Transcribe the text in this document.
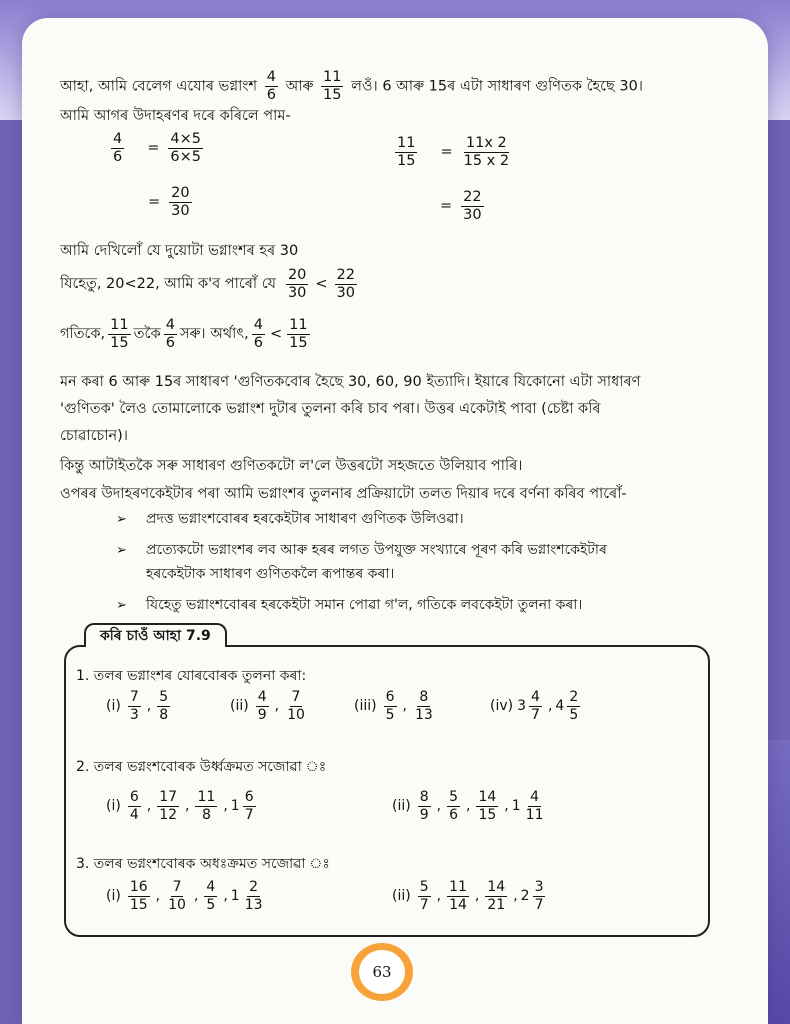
আহা, আমি বেলেগ এযোৰ ভগ্নাংশ $\frac{4}{6}$ আৰু $\frac{11}{15}$ লওঁ। 6 আৰু 15ৰ এটা সাধাৰণ গুণিতক হৈছে 30।
আমি আগৰ উদাহৰণৰ দৰে কৰিলে পাম-
$\frac{4}{6} = \frac{4\times 5}{6\times 5}$
= $\frac{20}{30}$
$\frac{11}{15} = \frac{11x 2}{15 x 2}$
= $\frac{22}{30}$
আমি দেখিলোঁ যে দুয়োটা ভগ্নাংশৰ হৰ 30
যিহেতু, 20<22, আমি ক'ব পাৰোঁ যে $\frac{20}{30} < \frac{22}{30}$
গতিকে, $\frac{11}{15}$ তকৈ $\frac{4}{6}$ সৰু। অৰ্থাৎ, $\frac{4}{6} < \frac{11}{15}$
মন কৰা 6 আৰু 15ৰ সাধাৰণ 'গুণিতকবোৰ হৈছে 30, 60, 90 ইত্যাদি। ইয়াৰে যিকোনো এটা সাধাৰণ
'গুণিতক' লৈও তোমালোকে ভগ্নাংশ দুটাৰ তুলনা কৰি চাব পৰা। উত্তৰ একেটাই পাবা (চেষ্টা কৰি
চোৱাচোন)।
কিন্তু আটাইতকৈ সৰু সাধাৰণ গুণিতকটো ল'লে উত্তৰটো সহজতে উলিয়াব পাৰি।
ওপৰৰ উদাহৰণকেইটাৰ পৰা আমি ভগ্নাংশৰ তুলনাৰ প্ৰক্ৰিয়াটো তলত দিয়াৰ দৰে বৰ্ণনা কৰিব পাৰোঁ-
➢ প্ৰদত্ত ভগ্নাংশবোৰৰ হৰকেইটাৰ সাধাৰণ গুণিতক উলিওৱা।
➢ প্ৰত্যেকটো ভগ্নাংশৰ লব আৰু হৰৰ লগত উপযুক্ত সংখ্যাৰে পূৰণ কৰি ভগ্নাংশকেইটাৰ
হৰকেইটাক সাধাৰণ গুণিতকলৈ ৰূপান্তৰ কৰা।
➢ যিহেতু ভগ্নাংশবোৰৰ হৰকেইটা সমান পোৱা গ'ল, গতিকে লবকেইটা তুলনা কৰা।
কৰি চাওঁ আহা 7.9
1. তলৰ ভগ্নাংশৰ যোৰবোৰক তুলনা কৰা:
$(i) \frac{7}{3}$ , $\frac{5}{8}$	$(ii) \frac{4}{9}$ , $\frac{7}{10}$	$(iii) \frac{6}{5}$ , $\frac{8}{13}$	(iv) $3 \frac{4}{7}$ , $4 \frac{2}{5}$
2. তলৰ ভগ্নংশবোৰক উৰ্ধ্বক্ৰমত সজোৱা ঃ
$(i) \frac{6}{4}$ , $\frac{17}{12}$ , $\frac{11}{8}$ , $1 \frac{6}{7}$	$(ii) \frac{8}{9}$ , $\frac{5}{6}$ , $\frac{14}{15}$ , $1 \frac{4}{11}$
3. তলৰ ভগ্নংশবোৰক অধঃক্ৰমত সজোৱা ঃ
$(i) \frac{16}{15}$ , $\frac{7}{10}$ , $\frac{4}{5}$ , $1 \frac{2}{13}$	$(ii) \frac{5}{7}$ , $\frac{11}{14}$ , $\frac{14}{21}$ , $2 \frac{3}{7}$
63
